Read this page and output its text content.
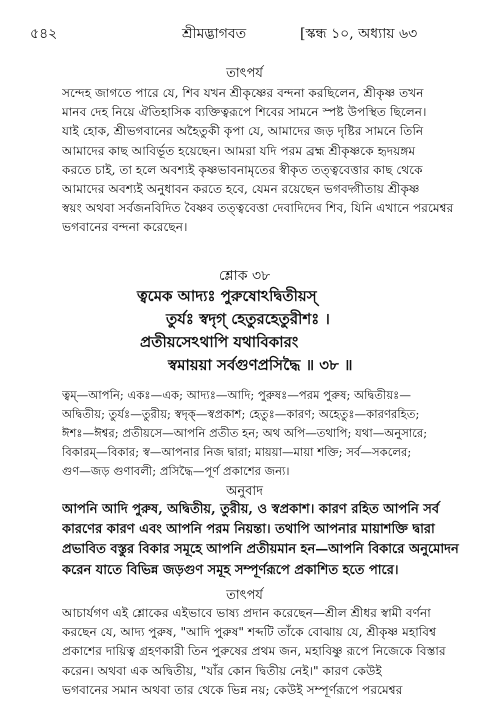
৫৪২	শ্রীমদ্ভাগবত	[স্কন্ধ ১০, অধ্যায় ৬৩
তাৎপর্য
সন্দেহ জাগতে পারে যে, শিব যখন শ্রীকৃষ্ণের বন্দনা করছিলেন, শ্রীকৃষ্ণ তখন
মানব দেহ নিয়ে ঐতিহাসিক ব্যক্তিত্বরূপে শিবের সামনে স্পষ্ট উপস্থিত ছিলেন।
যাই হোক, শ্রীভগবানের অহৈতুকী কৃপা যে, আমাদের জড় দৃষ্টির সামনে তিনি
আমাদের কাছ আবির্ভূত হয়েছেন। আমরা যদি পরম ব্রহ্ম শ্রীকৃষ্ণকে হৃদয়ঙ্গম
করতে চাই, তা হলে অবশ্যই কৃষ্ণভাবনামৃতের স্বীকৃত তত্ত্ববেত্তার কাছ থেকে
আমাদের অবশ্যই অনুধাবন করতে হবে, যেমন রয়েছেন ভগবদ্গীতায় শ্রীকৃষ্ণ
স্বয়ং অথবা সর্বজনবিদিত বৈষ্ণব তত্ত্ববেত্তা দেবাদিদেব শিব, যিনি এখানে পরমেশ্বর
ভগবানের বন্দনা করেছেন।
শ্লোক ৩৮
ত্বমেক আদ্যঃ পুরুষোঽদ্বিতীয়স্
তুর্যঃ স্বদৃগ্ হেতুরহেতুরীশঃ ।
প্রতীয়সেঽথাপি যথাবিকারং
স্বমায়য়া সর্বগুণপ্রসিদ্ধৈ ॥ ৩৮ ॥
ত্বম্—আপনি; একঃ—এক; আদ্যঃ—আদি; পুরুষঃ—পরম পুরুষ; অদ্বিতীয়ঃ—
অদ্বিতীয়; তুর্যঃ—তুরীয়; স্বদৃক্—স্বপ্রকাশ; হেতুঃ—কারণ; অহেতুঃ—কারণরহিত;
ঈশঃ—ঈশ্বর; প্রতীয়সে—আপনি প্রতীত হন; অথ অপি—তথাপি; যথা—অনুসারে;
বিকারম্—বিকার; স্ব—আপনার নিজ দ্বারা; মায়য়া—মায়া শক্তি; সর্ব—সকলের;
গুণ—জড় গুণাবলী; প্রসিদ্ধৈ—পূর্ণ প্রকাশের জন্য।
অনুবাদ
আপনি আদি পুরুষ, অদ্বিতীয়, তুরীয়, ও স্বপ্রকাশ। কারণ রহিত আপনি সর্ব
কারণের কারণ এবং আপনি পরম নিয়ন্তা। তথাপি আপনার মায়াশক্তি দ্বারা
প্রভাবিত বস্তুর বিকার সমূহে আপনি প্রতীয়মান হন—আপনি বিকারে অনুমোদন
করেন যাতে বিভিন্ন জড়গুণ সমূহ সম্পূর্ণরূপে প্রকাশিত হতে পারে।
তাৎপর্য
আচার্যগণ এই শ্লোকের এইভাবে ভাষ্য প্রদান করেছেন—শ্রীল শ্রীধর স্বামী বর্ণনা
করছেন যে, আদ্য পুরুষ, "আদি পুরুষ" শব্দটি তাঁকে বোঝায় যে, শ্রীকৃষ্ণ মহাবিশ্ব
প্রকাশের দায়িত্ব গ্রহণকারী তিন পুরুষের প্রথম জন, মহাবিষ্ণু রূপে নিজেকে বিস্তার
করেন। অথবা এক অদ্বিতীয়, "যাঁর কোন দ্বিতীয় নেই।" কারণ কেউই
ভগবানের সমান অথবা তার থেকে ভিন্ন নয়; কেউই সম্পূর্ণরূপে পরমেশ্বর
